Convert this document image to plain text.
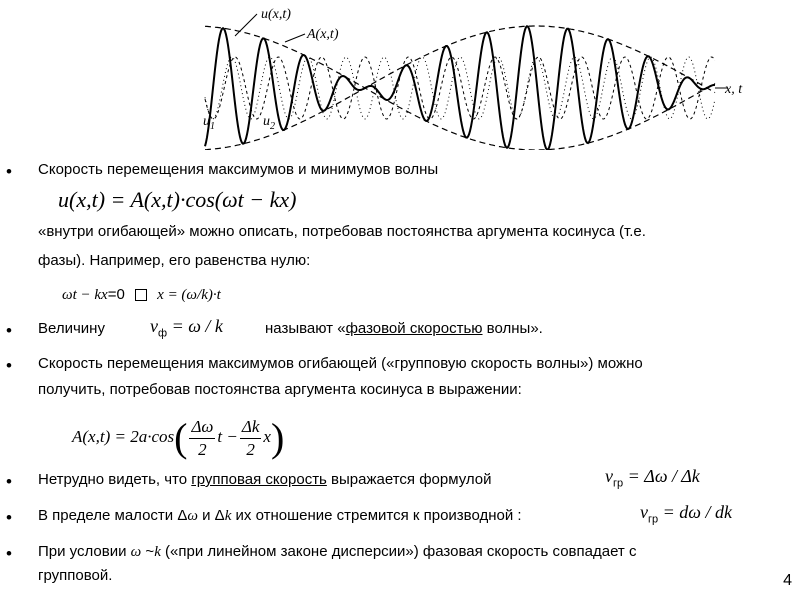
u(x,t)
A(x,t)
$u_1$	$u_2$
x, t
• Скорость перемещения максимумов и минимумов волны
u(x,t) = A(x,t)·cos(ωt − kx)
«внутри огибающей» можно описать, потребовав постоянства аргумента косинуса (т.е.
фазы). Например, его равенства нулю:
ωt − kx=0 x = (ω/k)·t
• Величину	$v_ф = \omega / k$	называют «фазовой скоростью волны».
• Скорость перемещения максимумов огибающей («групповую скорость волны») можно
получить, потребовав постоянства аргумента косинуса в выражении:
$A(x,t) = 2a\cdot\cos( \frac{\Delta\omega}{2}$ $t - \frac{\Delta k}{2} x$)
• Нетрудно видеть, что групповая скорость выражается формулой	$v_{гр} = \Delta\omega / \Delta k$
• В пределе малости Δω и Δk их отношение стремится к производной :	$v_{гр} = d\omega$ / dk
• При условии ω ~k («при линейном законе дисперсии») фазовая скорость совпадает с
групповой.	4
